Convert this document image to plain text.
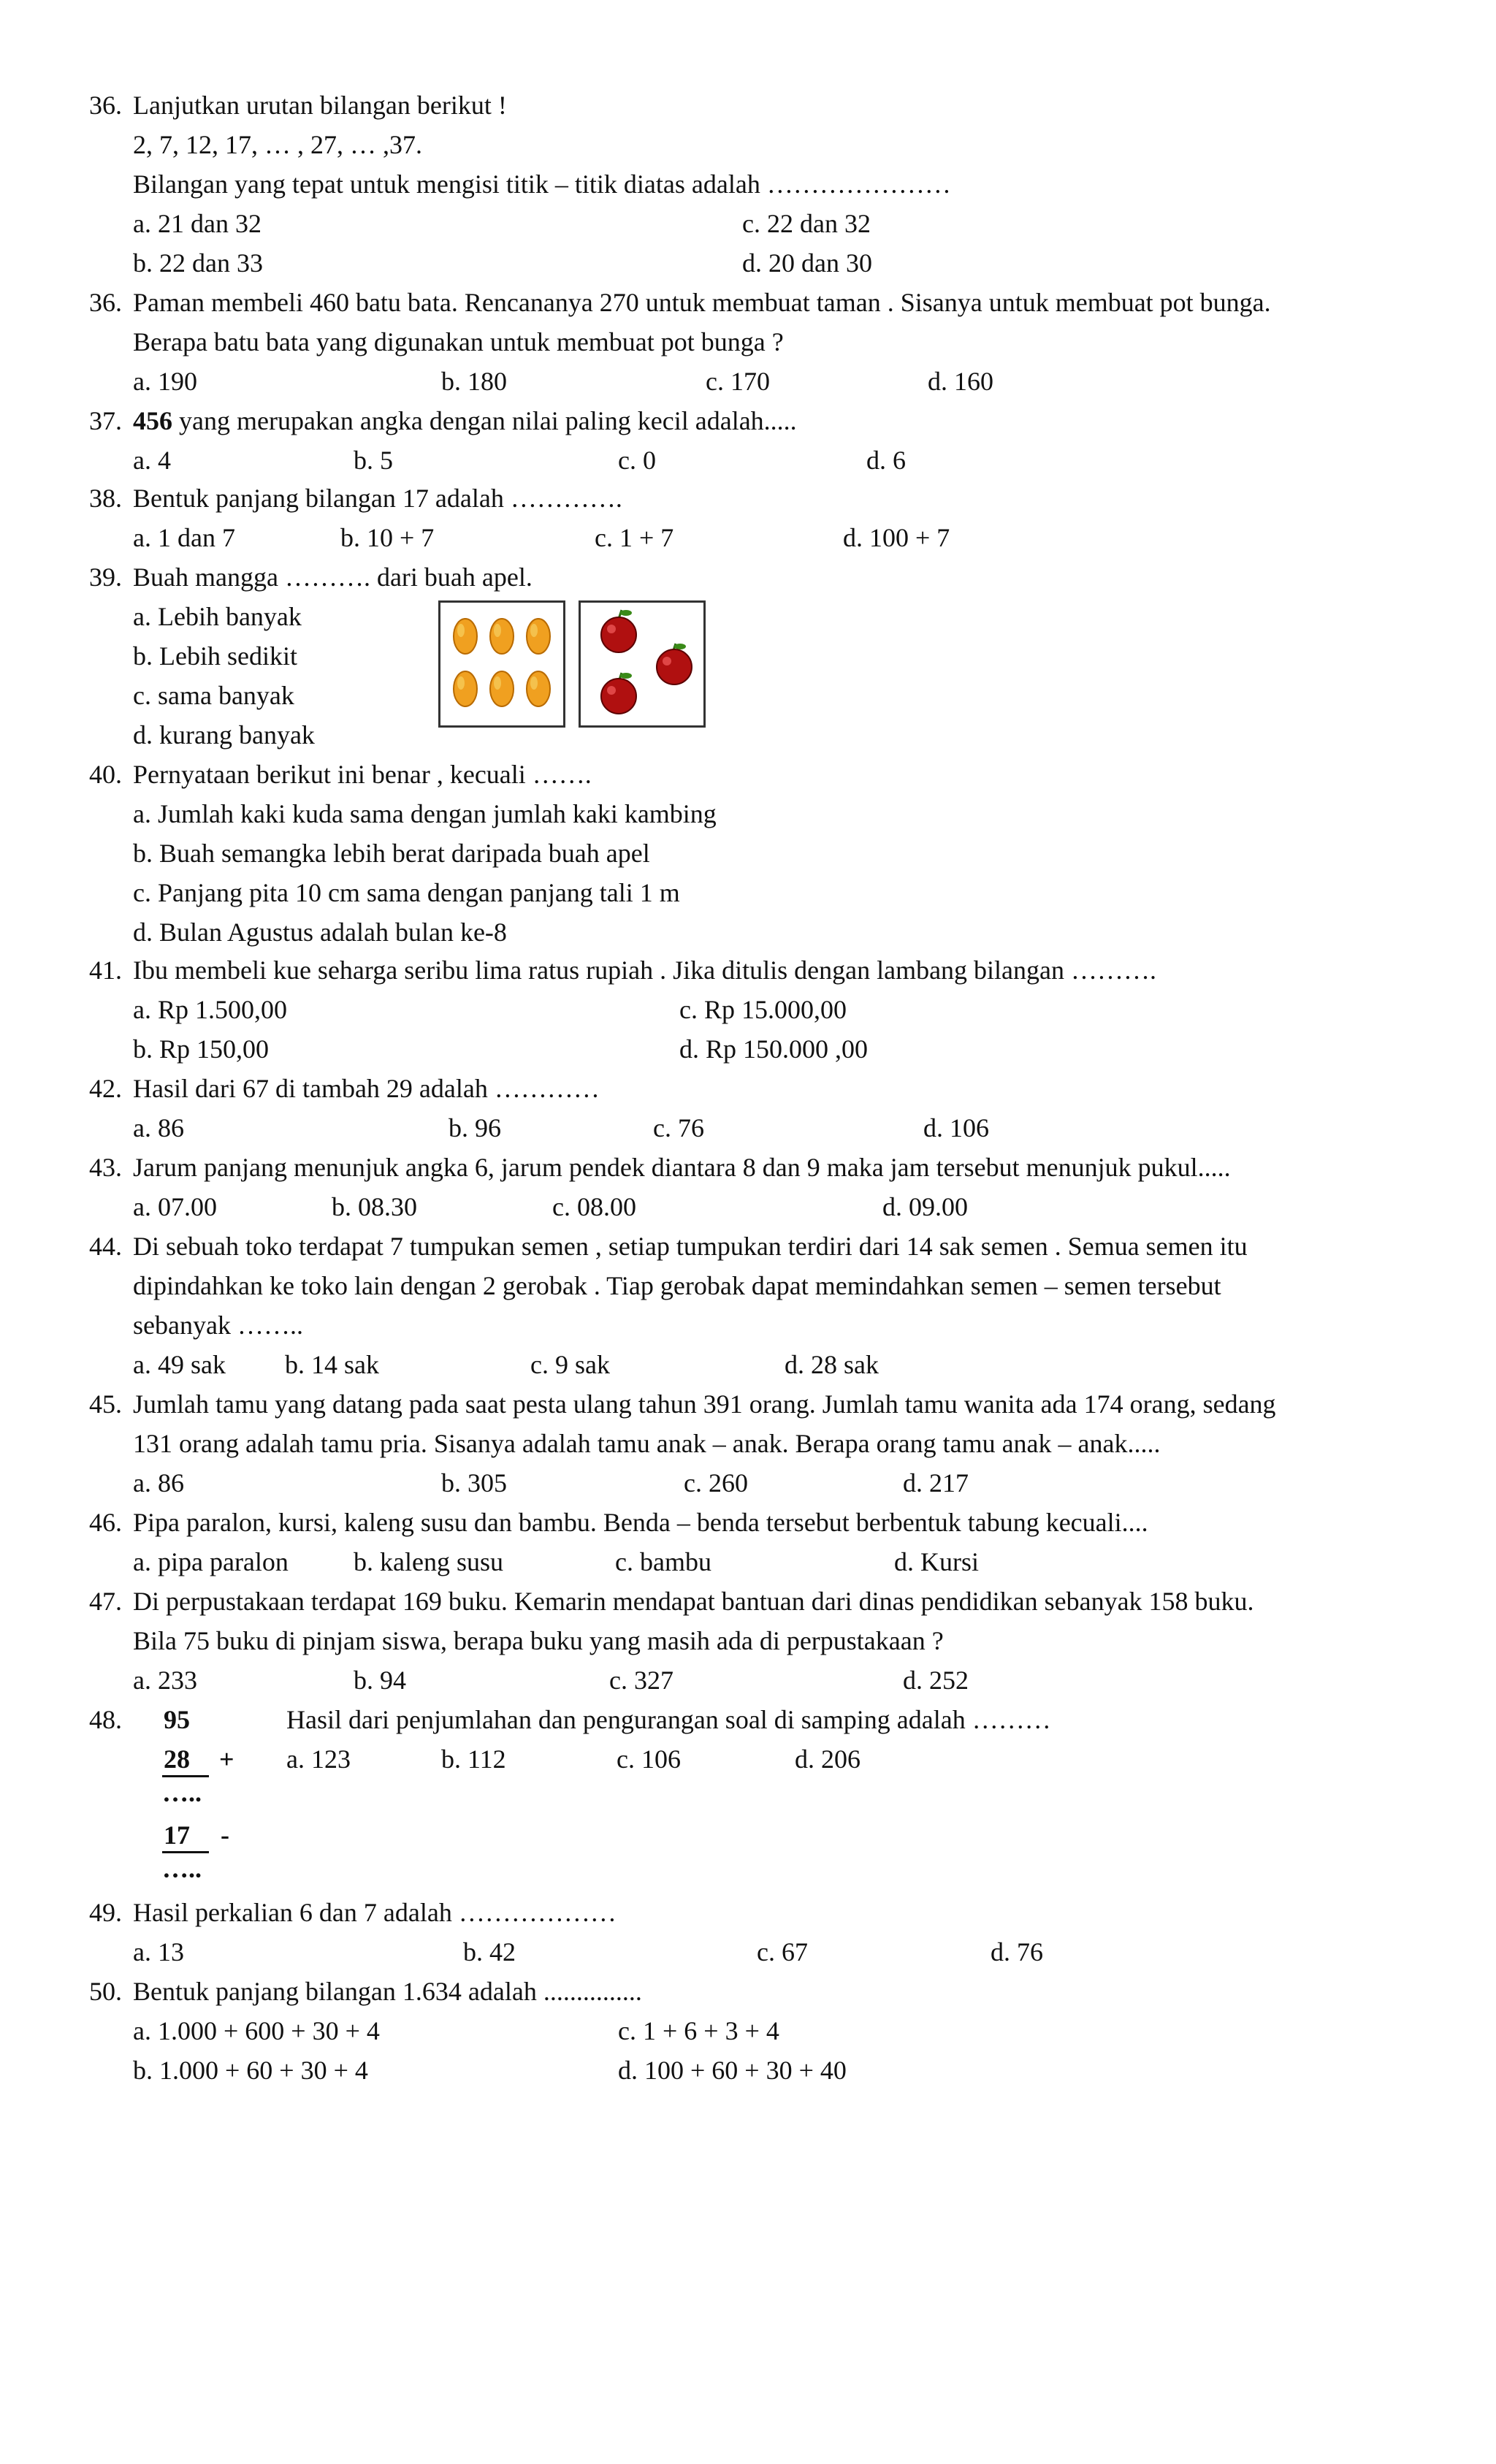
36. Lanjutkan urutan bilangan berikut !
2, 7, 12, 17, … , 27, … ,37.
Bilangan yang tepat untuk mengisi titik – titik diatas adalah …………………
a. 21 dan 32	c. 22 dan 32
b. 22 dan 33	d. 20 dan 30
36. Paman membeli 460 batu bata. Rencananya 270 untuk membuat taman . Sisanya untuk membuat pot bunga.
Berapa batu bata yang digunakan untuk membuat pot bunga ?
a. 190	b. 180	c. 170	d. 160
37. 456 yang merupakan angka dengan nilai paling kecil adalah.....
a. 4	b. 5	c. 0	d. 6
38. Bentuk panjang bilangan 17 adalah ………….
a. 1 dan 7	b. 10 + 7	c. 1 + 7	d. 100 + 7
39. Buah mangga ………. dari buah apel.
a. Lebih banyak
b. Lebih sedikit
c. sama banyak
d. kurang banyak
40. Pernyataan berikut ini benar , kecuali …….
a. Jumlah kaki kuda sama dengan jumlah kaki kambing
b. Buah semangka lebih berat daripada buah apel
c. Panjang pita 10 cm sama dengan panjang tali 1 m
d. Bulan Agustus adalah bulan ke-8
41. Ibu membeli kue seharga seribu lima ratus rupiah . Jika ditulis dengan lambang bilangan ……….
a. Rp 1.500,00	c. Rp 15.000,00
b. Rp 150,00	d. Rp 150.000 ,00
42. Hasil dari 67 di tambah 29 adalah …………
a. 86	b. 96	c. 76	d. 106
43. Jarum panjang menunjuk angka 6, jarum pendek diantara 8 dan 9 maka jam tersebut menunjuk pukul.....
a. 07.00	b. 08.30	c. 08.00	d. 09.00
44. Di sebuah toko terdapat 7 tumpukan semen , setiap tumpukan terdiri dari 14 sak semen . Semua semen itu
dipindahkan ke toko lain dengan 2 gerobak . Tiap gerobak dapat memindahkan semen – semen tersebut
sebanyak ……..
a. 49 sak b. 14 sak	c. 9 sak	d. 28 sak
45. Jumlah tamu yang datang pada saat pesta ulang tahun 391 orang. Jumlah tamu wanita ada 174 orang, sedang
131 orang adalah tamu pria. Sisanya adalah tamu anak – anak. Berapa orang tamu anak – anak.....
a. 86	b. 305	c. 260	d. 217
46. Pipa paralon, kursi, kaleng susu dan bambu. Benda – benda tersebut berbentuk tabung kecuali....
a. pipa paralon b. kaleng susu	c. bambu	d. Kursi
47. Di perpustakaan terdapat 169 buku. Kemarin mendapat bantuan dari dinas pendidikan sebanyak 158 buku.
Bila 75 buku di pinjam siswa, berapa buku yang masih ada di perpustakaan ?
a. 233	b. 94	c. 327	d. 252
48. 95	Hasil dari penjumlahan dan pengurangan soal di samping adalah ………
28 + a. 123	b. 112	c. 106	d. 206
…..
17 -
…..
49. Hasil perkalian 6 dan 7 adalah ………………
a. 13	b. 42	c. 67	d. 76
50. Bentuk panjang bilangan 1.634 adalah ...............
a. 1.000 + 600 + 30 + 4	c. 1 + 6 + 3 + 4
b. 1.000 + 60 + 30 + 4	d. 100 + 60 + 30 + 40
